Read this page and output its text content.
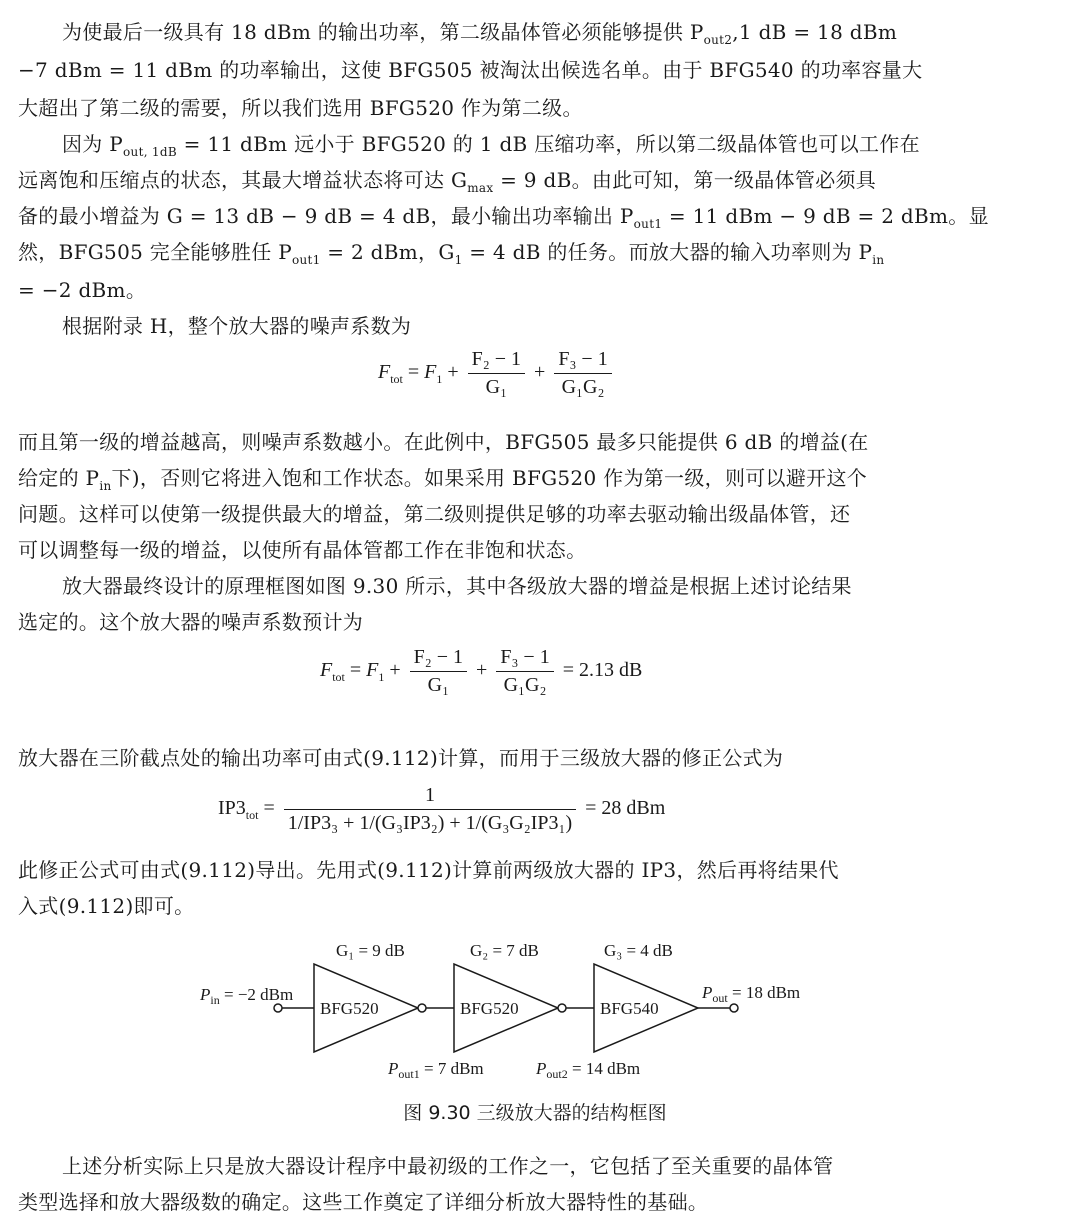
为使最后一级具有 18 dBm 的输出功率，第二级晶体管必须能够提供 $P_{out2},1$ dB = 18 dBm
−7 dBm = 11 dBm 的功率输出，这使 BFG505 被淘汰出候选名单。由于 BFG540 的功率容量大
大超出了第二级的需要，所以我们选用 BFG520 作为第二级。
因为 $P_{out, 1dB} = 11$ dBm 远小于 BFG520 的 1 dB 压缩功率，所以第二级晶体管也可以工作在
远离饱和压缩点的状态，其最大增益状态将可达 $G_{max} = 9$ dB。由此可知，第一级晶体管必须具
备的最小增益为 G = 13 dB − 9 dB = 4 dB，最小输出功率输出 $P_{out1} = 11$ dBm − 9 dB = 2 dBm。显
然，BFG505 完全能够胜任 $P_{out1} = 2$ dBm，$G_1 = 4$ dB 的任务。而放大器的输入功率则为 $P_{in}$
= −2 dBm。
根据附录 H，整个放大器的噪声系数为
$F_{tot} = F_1 + \frac{\text{F₂ − 1}}{\text{G₁}} + \frac{\text{F₃ − 1}}{\text{G₁G₂}}$
而且第一级的增益越高，则噪声系数越小。在此例中，BFG505 最多只能提供 6 dB 的增益(在
给定的 $P_{in}$下)，否则它将进入饱和工作状态。如果采用 BFG520 作为第一级，则可以避开这个
问题。这样可以使第一级提供最大的增益，第二级则提供足够的功率去驱动输出级晶体管，还
可以调整每一级的增益，以使所有晶体管都工作在非饱和状态。
放大器最终设计的原理框图如图 9.30 所示，其中各级放大器的增益是根据上述讨论结果
选定的。这个放大器的噪声系数预计为
$F_{tot} = F_1 + \frac{\text{F₂ − 1}}{\text{G₁}} + \frac{\text{F₃ − 1}}{\text{G₁G₂}} = 2.13$ dB
放大器在三阶截点处的输出功率可由式(9.112)计算，而用于三级放大器的修正公式为
$IP3_{tot} = \frac{1}{\text{1/IP3₃ + 1/(G₃IP3₂) + 1/(G₃G₂IP3₁)}} = 28$ dBm
此修正公式可由式(9.112)导出。先用式(9.112)计算前两级放大器的 IP3，然后再将结果代
入式(9.112)即可。
G₁ = 9 dB	G₂ = 7 dB	G₃ = 4 dB
$P_{in} = -2$ dBm
BFG520	BFG520	BFG540
$P_{out} = 18$ dBm
$P_{out1} = 7$ dBm	$P_{out2} = 14$ dBm
图 9.30 三级放大器的结构框图
上述分析实际上只是放大器设计程序中最初级的工作之一，它包括了至关重要的晶体管
类型选择和放大器级数的确定。这些工作奠定了详细分析放大器特性的基础。
